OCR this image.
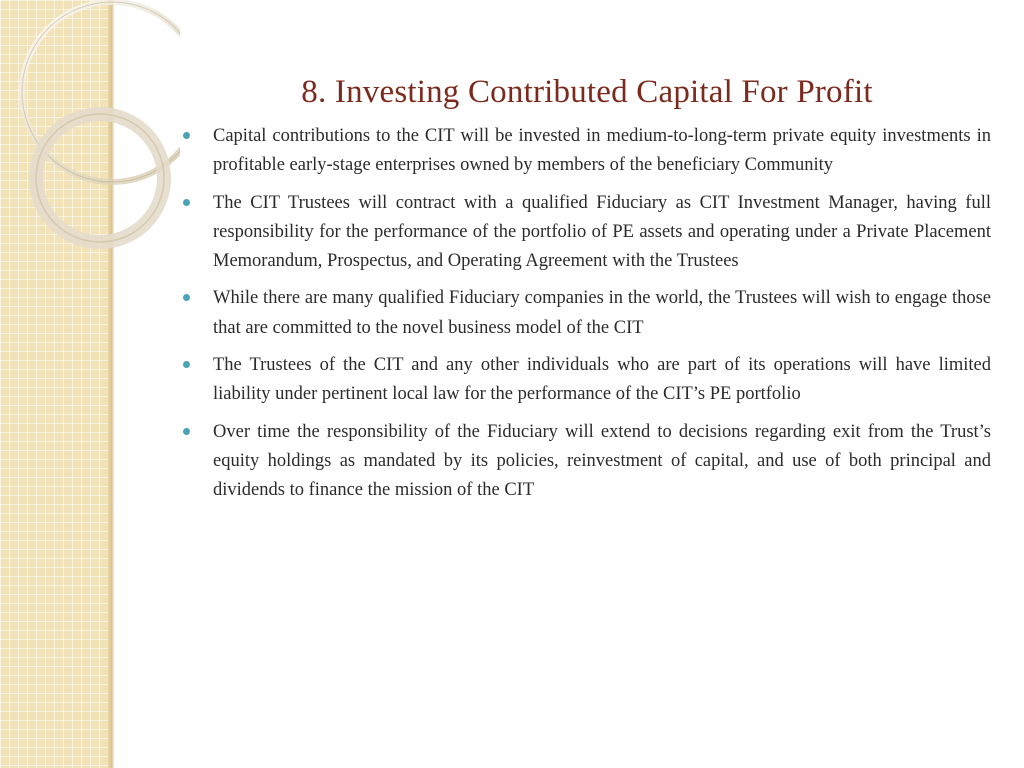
8. Investing Contributed Capital For Profit
Capital contributions to the CIT will be invested in medium-to-long-term private equity investments in profitable early-stage enterprises owned by members of the beneficiary Community
The CIT Trustees will contract with a qualified Fiduciary as CIT Investment Manager, having full responsibility for the performance of the portfolio of PE assets and operating under a Private Placement Memorandum, Prospectus, and Operating Agreement with the Trustees
While there are many qualified Fiduciary companies in the world, the Trustees will wish to engage those that are committed to the novel business model of the CIT
The Trustees of the CIT and any other individuals who are part of its operations will have limited liability under pertinent local law for the performance of the CIT’s PE portfolio
Over time the responsibility of the Fiduciary will extend to decisions regarding exit from the Trust’s equity holdings as mandated by its policies, reinvestment of capital, and use of both principal and dividends to finance the mission of the CIT
